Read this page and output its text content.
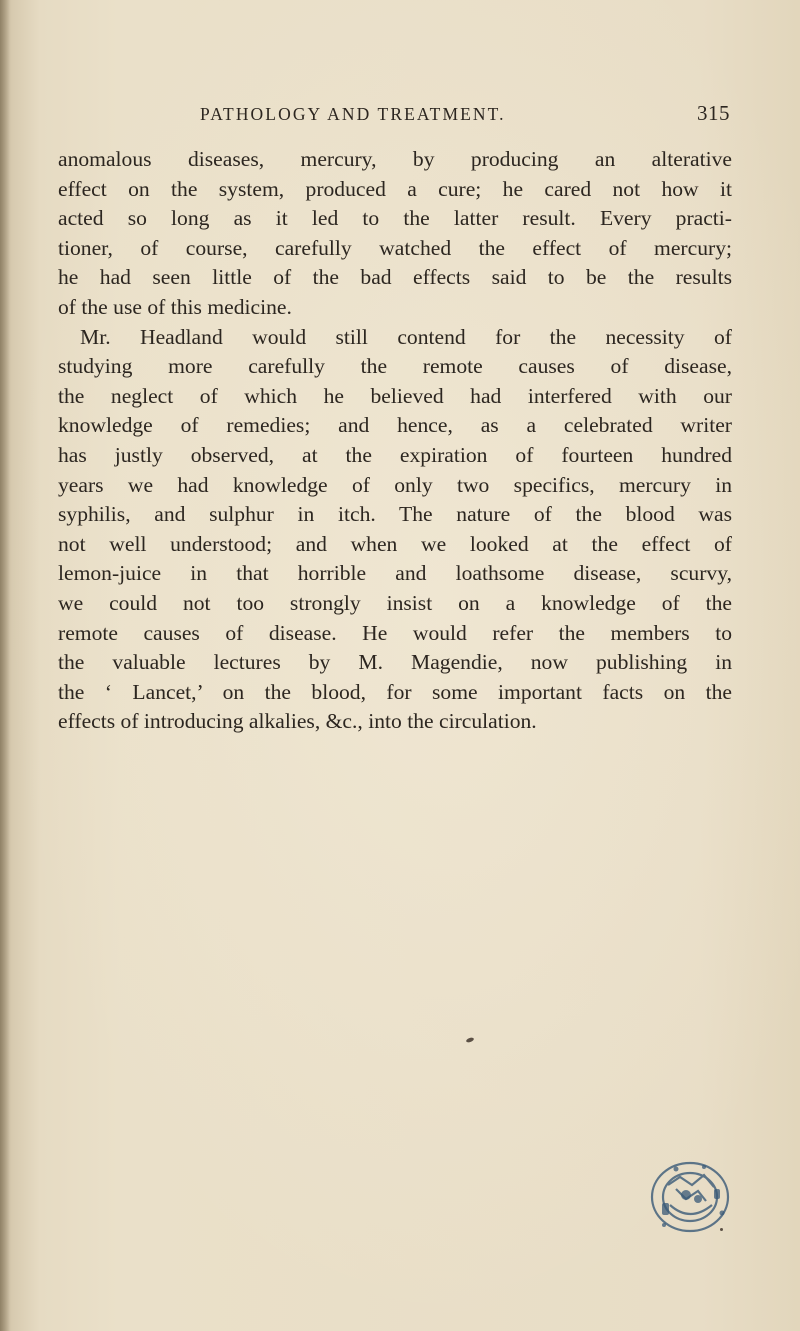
PATHOLOGY AND TREATMENT.	315
anomalous diseases, mercury, by producing an alterative
effect on the system, produced a cure; he cared not how it
acted so long as it led to the latter result. Every practi-
tioner, of course, carefully watched the effect of mercury;
he had seen little of the bad effects said to be the results
of the use of this medicine.
Mr. Headland would still contend for the necessity of
studying more carefully the remote causes of disease,
the neglect of which he believed had interfered with our
knowledge of remedies; and hence, as a celebrated writer
has justly observed, at the expiration of fourteen hundred
years we had knowledge of only two specifics, mercury in
syphilis, and sulphur in itch. The nature of the blood was
not well understood; and when we looked at the effect of
lemon-juice in that horrible and loathsome disease, scurvy,
we could not too strongly insist on a knowledge of the
remote causes of disease. He would refer the members to
the valuable lectures by M. Magendie, now publishing in
the ‘ Lancet,’ on the blood, for some important facts on the
effects of introducing alkalies, &c., into the circulation.
